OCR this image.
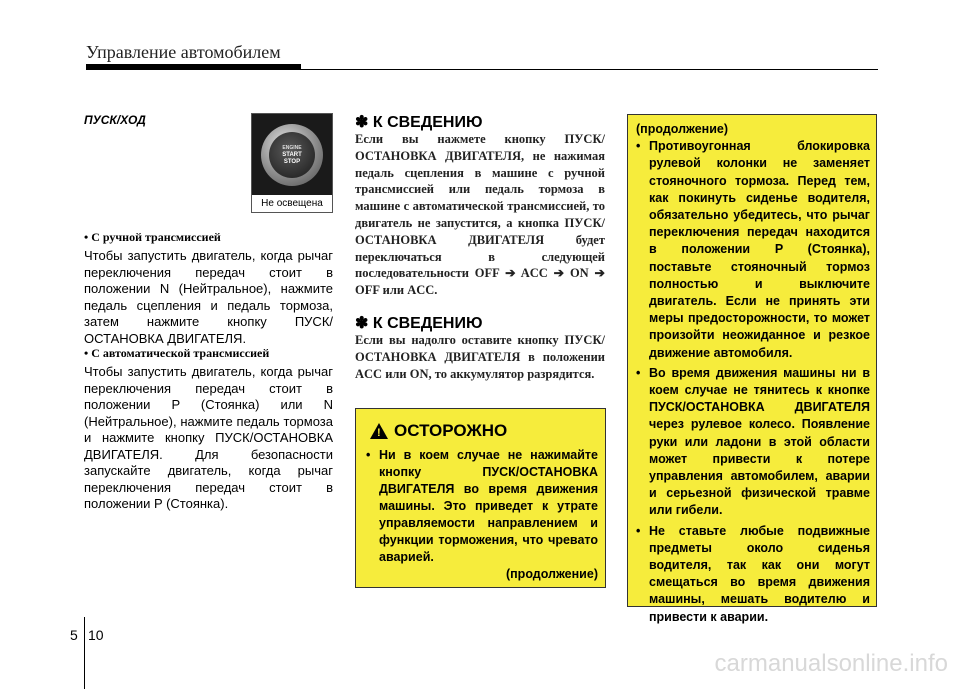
Управление автомобилем
ПУСК/ХОД
ENGINE
START
STOP
Не освещена
• С ручной трансмиссией
Чтобы запустить двигатель, когда рычаг переключения передач стоит в положении N (Нейтральное), нажмите педаль сцепления и педаль тормоза, затем нажмите кнопку ПУСК/ ОСТАНОВКА ДВИГАТЕЛЯ.
• С автоматической трансмиссией
Чтобы запустить двигатель, когда рычаг переключения передач стоит в положении P (Стоянка) или N (Нейтральное), нажмите педаль тормоза и нажмите кнопку ПУСК/ОСТАНОВКА ДВИГАТЕЛЯ. Для безопасности запускайте двигатель, когда рычаг переключения передач стоит в положении P (Стоянка).
✽ К СВЕДЕНИЮ
Если вы нажмете кнопку ПУСК/ ОСТАНОВКА ДВИГАТЕЛЯ, не нажимая педаль сцепления в машине с ручной трансмиссией или педаль тормоза в машине с автоматической трансмиссией, то двигатель не запустится, а кнопка ПУСК/ ОСТАНОВКА ДВИГАТЕЛЯ будет переключаться в следующей последовательности OFF ➔ ACC ➔ ON ➔ OFF или ACC.
✽ К СВЕДЕНИЮ
Если вы надолго оставите кнопку ПУСК/ОСТАНОВКА ДВИГАТЕЛЯ в положении ACC или ON, то аккумулятор разрядится.
! ОСТОРОЖНО
• Ни в коем случае не нажимайте кнопку ПУСК/ОСТАНОВКА ДВИГАТЕЛЯ во время движения машины. Это приведет к утрате управляемости направлением и функции торможения, что чревато аварией.
(продолжение)
(продолжение)
• Противоугонная блокировка рулевой колонки не заменяет стояночного тормоза. Перед тем, как покинуть сиденье водителя, обязательно убедитесь, что рычаг переключения передач находится в положении P (Стоянка), поставьте стояночный тормоз полностью и выключите двигатель. Если не принять эти меры предосторожности, то может произойти неожиданное и резкое движение автомобиля.
• Во время движения машины ни в коем случае не тянитесь к кнопке ПУСК/ОСТАНОВКА ДВИГАТЕЛЯ через рулевое колесо. Появление руки или ладони в этой области может привести к потере управления автомобилем, аварии и серьезной физической травме или гибели.
• Не ставьте любые подвижные предметы около сиденья водителя, так как они могут смещаться во время движения машины, мешать водителю и привести к аварии.
5 10
carmanualsonline.info
